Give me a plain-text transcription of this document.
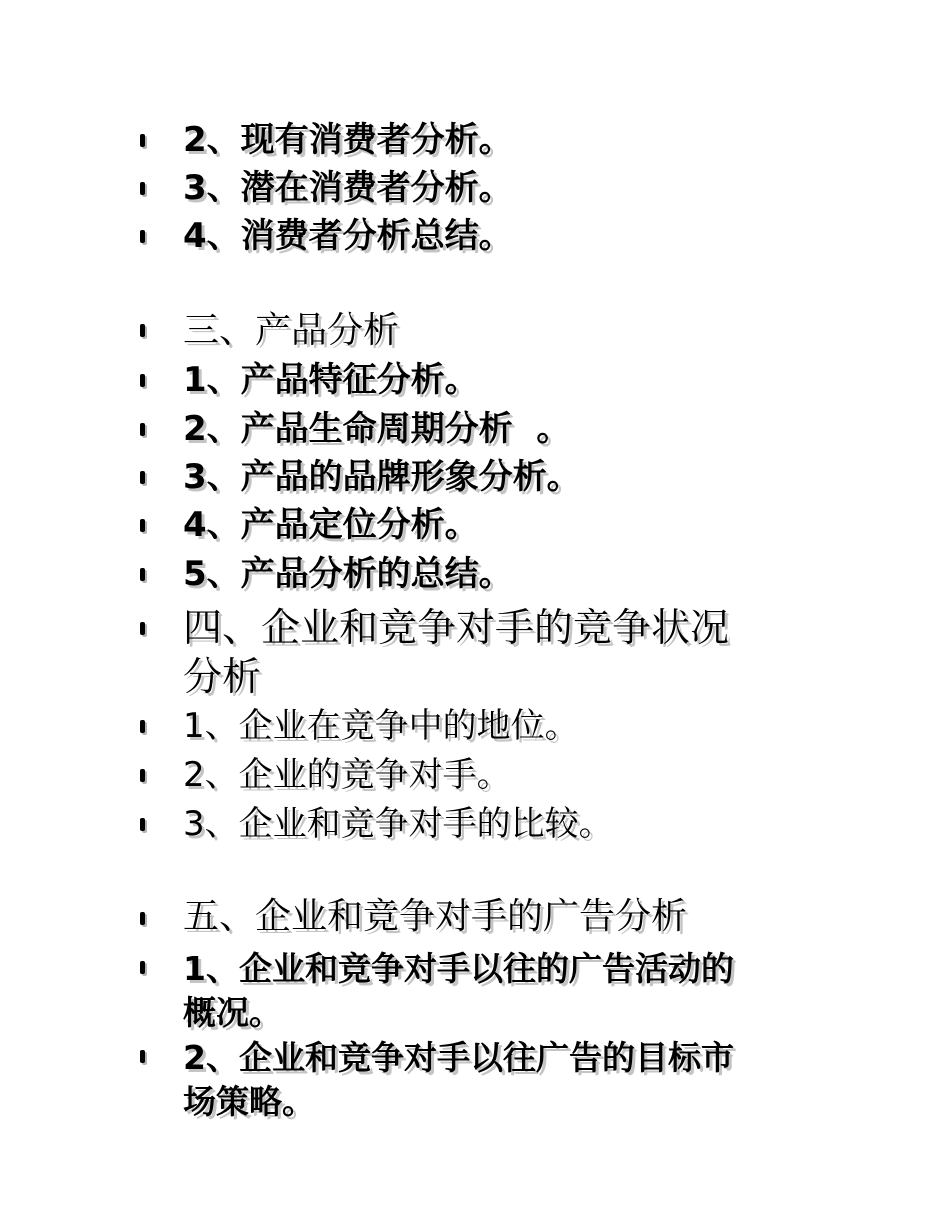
2、现有消费者分析。
3、潜在消费者分析。
4、消费者分析总结。
三、产品分析
1、产品特征分析。
2、产品生命周期分析  。
3、产品的品牌形象分析。
4、产品定位分析。
5、产品分析的总结。
四、企业和竞争对手的竞争状况
分析
1、企业在竞争中的地位。
2、企业的竞争对手。
3、企业和竞争对手的比较。
五、企业和竞争对手的广告分析
1、企业和竞争对手以往的广告活动的
概况。
2、企业和竞争对手以往广告的目标市
场策略。
